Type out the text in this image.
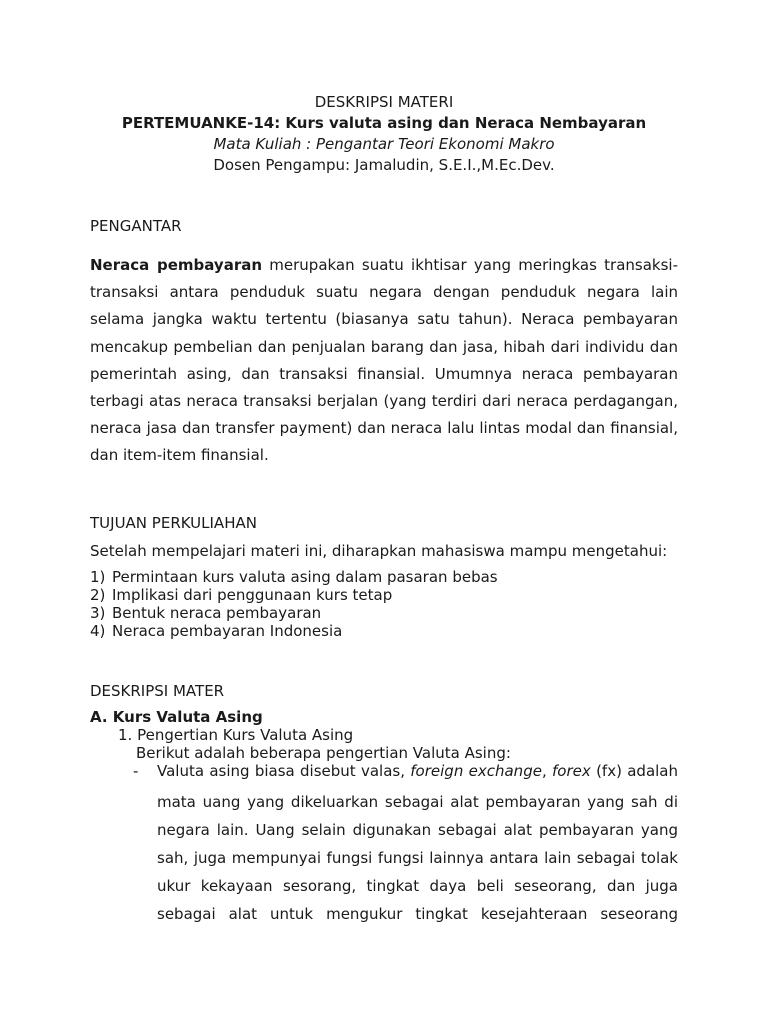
DESKRIPSI MATERI
PERTEMUANKE-14: Kurs valuta asing dan Neraca Nembayaran
Mata Kuliah : Pengantar Teori Ekonomi Makro
Dosen Pengampu: Jamaludin, S.E.I.,M.Ec.Dev.
PENGANTAR

Neraca pembayaran merupakan suatu ikhtisar yang meringkas transaksi-

transaksi antara penduduk suatu negara dengan penduduk negara lain

selama jangka waktu tertentu (biasanya satu tahun). Neraca pembayaran

mencakup pembelian dan penjualan barang dan jasa, hibah dari individu dan

pemerintah asing, dan transaksi finansial. Umumnya neraca pembayaran

terbagi atas neraca transaksi berjalan (yang terdiri dari neraca perdagangan,

neraca jasa dan transfer payment) dan neraca lalu lintas modal dan finansial,

dan item-item finansial.

TUJUAN PERKULIAHAN
Setelah mempelajari materi ini, diharapkan mahasiswa mampu mengetahui:
1) Permintaan kurs valuta asing dalam pasaran bebas
2) Implikasi dari penggunaan kurs tetap
3) Bentuk neraca pembayaran
4) Neraca pembayaran Indonesia
DESKRIPSI MATER
A. Kurs Valuta Asing
1. Pengertian Kurs Valuta Asing
Berikut adalah beberapa pengertian Valuta Asing:
-	Valuta asing biasa disebut valas, foreign exchange, forex (fx) adalah
mata uang yang dikeluarkan sebagai alat pembayaran yang sah di
negara lain. Uang selain digunakan sebagai alat pembayaran yang
sah, juga mempunyai fungsi fungsi lainnya antara lain sebagai tolak
ukur kekayaan sesorang, tingkat daya beli seseorang, dan juga
sebagai alat untuk mengukur tingkat kesejahteraan seseorang
